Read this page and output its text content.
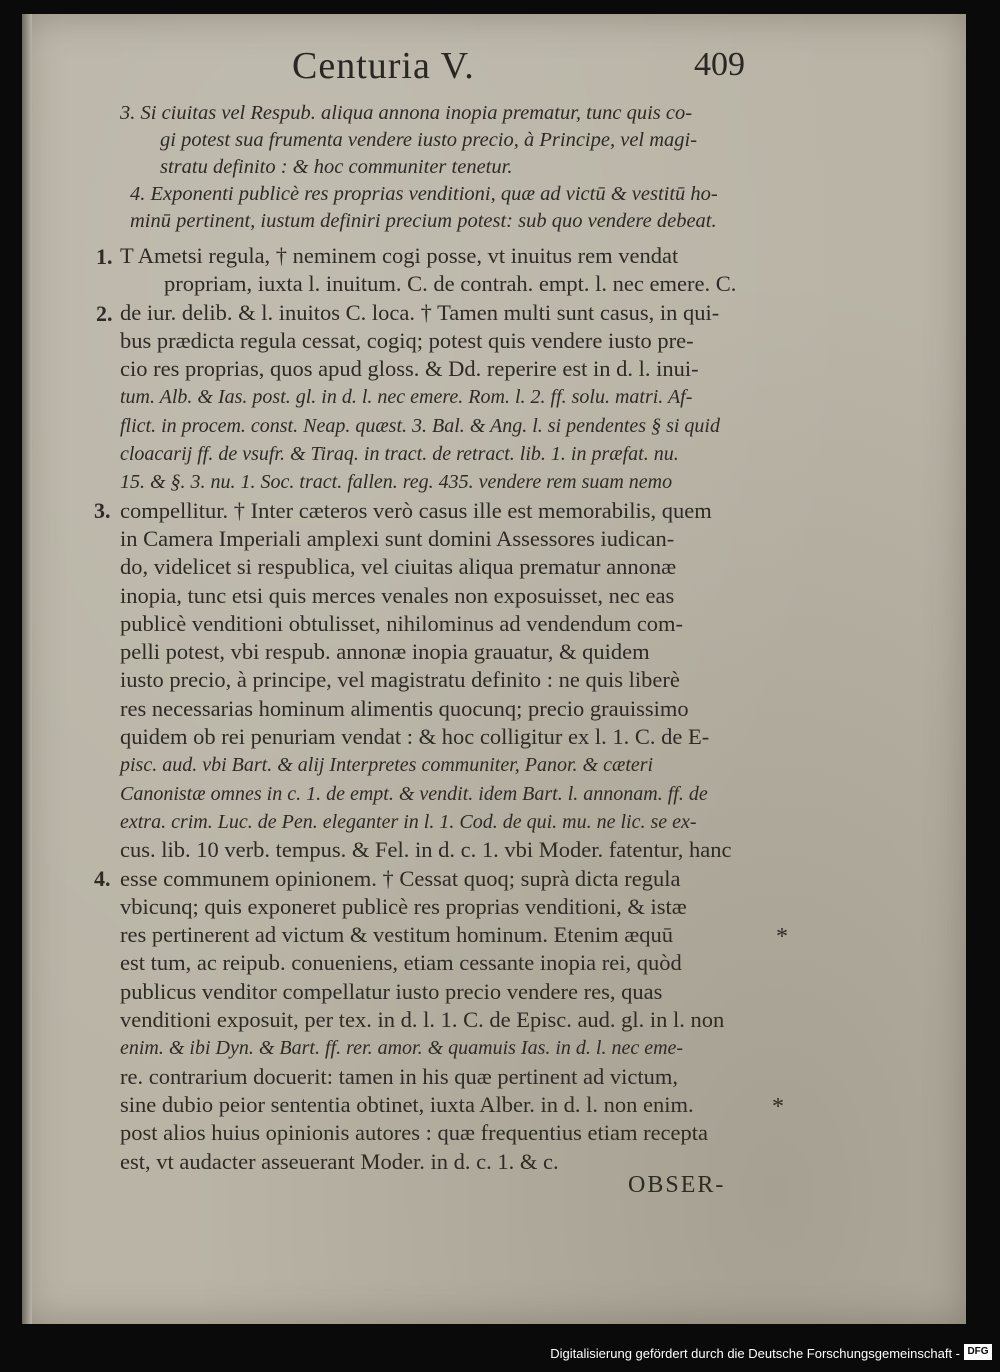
Centuria V.	409
3. Si ciuitas vel Respub. aliqua annona inopia prematur, tunc quis co-
gi potest sua frumenta vendere iusto precio, à Principe, vel magi-
stratu definito : & hoc communiter tenetur.
4. Exponenti publicè res proprias venditioni, quæ ad victū & vestitū ho-
minū pertinent, iustum definiri precium potest: sub quo vendere debeat.
T Ametsi regula, † neminem cogi posse, vt inuitus rem vendat
propriam, iuxta l. inuitum. C. de contrah. empt. l. nec emere. C.
de iur. delib. & l. inuitos C. loca. † Tamen multi sunt casus, in qui-
bus prædicta regula cessat, cogiq; potest quis vendere iusto pre-
cio res proprias, quos apud gloss. & Dd. reperire est in d. l. inui-
tum. Alb. & Ias. post. gl. in d. l. nec emere. Rom. l. 2. ff. solu. matri. Af-
flict. in procem. const. Neap. quæst. 3. Bal. & Ang. l. si pendentes § si quid
cloacarij ff. de vsufr. & Tiraq. in tract. de retract. lib. 1. in præfat. nu.
15. & §. 3. nu. 1. Soc. tract. fallen. reg. 435. vendere rem suam nemo
compellitur. † Inter cæteros verò casus ille est memorabilis, quem
in Camera Imperiali amplexi sunt domini Assessores iudican-
do, videlicet si respublica, vel ciuitas aliqua prematur annonæ
inopia, tunc etsi quis merces venales non exposuisset, nec eas
publicè venditioni obtulisset, nihilominus ad vendendum com-
pelli potest, vbi respub. annonæ inopia grauatur, & quidem
iusto precio, à principe, vel magistratu definito : ne quis liberè
res necessarias hominum alimentis quocunq; precio grauissimo
quidem ob rei penuriam vendat : & hoc colligitur ex l. 1. C. de E-
pisc. aud. vbi Bart. & alij Interpretes communiter, Panor. & cæteri
Canonistæ omnes in c. 1. de empt. & vendit. idem Bart. l. annonam. ff. de
extra. crim. Luc. de Pen. eleganter in l. 1. Cod. de qui. mu. ne lic. se ex-
cus. lib. 10 verb. tempus. & Fel. in d. c. 1. vbi Moder. fatentur, hanc
esse communem opinionem. † Cessat quoq; suprà dicta regula
vbicunq; quis exponeret publicè res proprias venditioni, & istæ
res pertinerent ad victum & vestitum hominum. Etenim æquū
est tum, ac reipub. conueniens, etiam cessante inopia rei, quòd
publicus venditor compellatur iusto precio vendere res, quas
venditioni exposuit, per tex. in d. l. 1. C. de Episc. aud. gl. in l. non
enim. & ibi Dyn. & Bart. ff. rer. amor. & quamuis Ias. in d. l. nec eme-
re. contrarium docuerit: tamen in his quæ pertinent ad victum,
sine dubio peior sententia obtinet, iuxta Alber. in d. l. non enim.
post alios huius opinionis autores : quæ frequentius etiam recepta
est, vt audacter asseuerant Moder. in d. c. 1. & c.
1.
2.
3.
4.
*
*
OBSER-
Digitalisierung gefördert durch die Deutsche Forschungsgemeinschaft - DFG
